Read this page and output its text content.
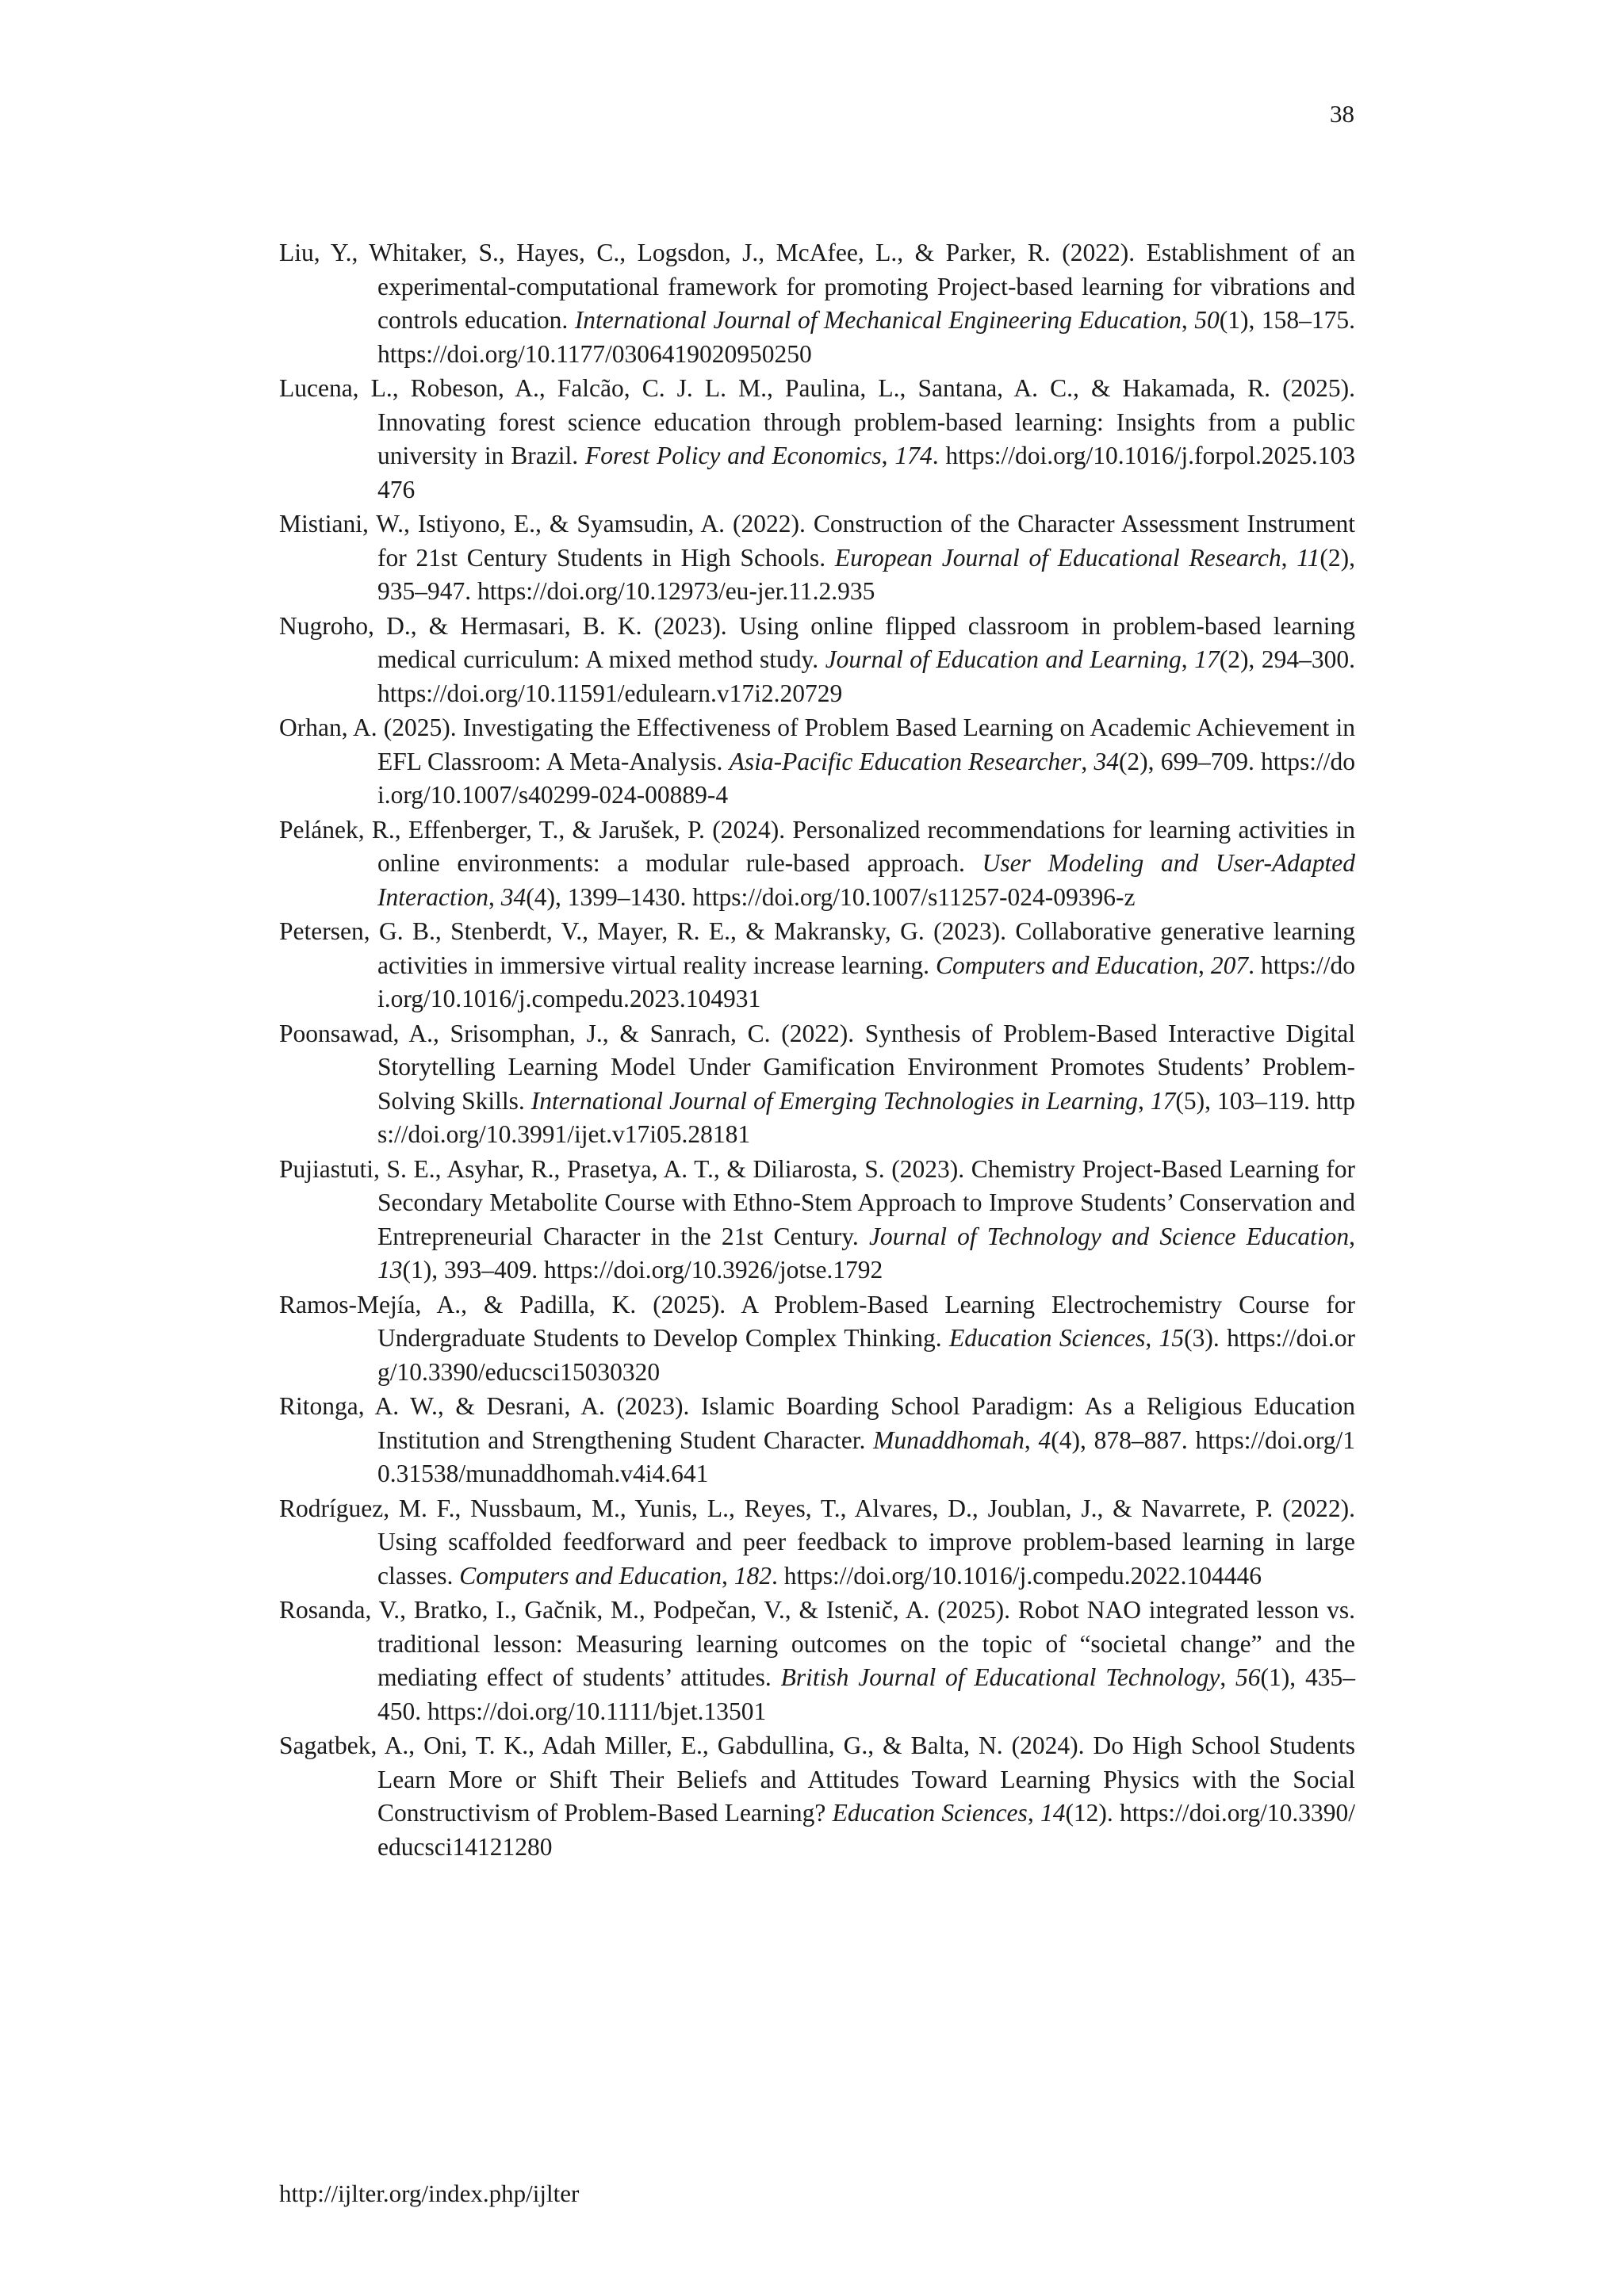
38

Liu, Y., Whitaker, S., Hayes, C., Logsdon, J., McAfee, L., & Parker, R. (2022). Establishment of an experimental-computational framework for promoting Project-based learning for vibrations and controls education. International Journal of Mechanical Engineering Education, 50(1), 158–175. https://doi.org/10.1177/0306419020950250

Lucena, L., Robeson, A., Falcão, C. J. L. M., Paulina, L., Santana, A. C., & Hakamada, R. (2025). Innovating forest science education through problem-based learning: Insights from a public university in Brazil. Forest Policy and Economics, 174. https://doi.org/10.1016/j.forpol.2025.103476

Mistiani, W., Istiyono, E., & Syamsudin, A. (2022). Construction of the Character Assessment Instrument for 21st Century Students in High Schools. European Journal of Educational Research, 11(2), 935–947. https://doi.org/10.12973/eu-jer.11.2.935

Nugroho, D., & Hermasari, B. K. (2023). Using online flipped classroom in problem-based learning medical curriculum: A mixed method study. Journal of Education and Learning, 17(2), 294–300. https://doi.org/10.11591/edulearn.v17i2.20729

Orhan, A. (2025). Investigating the Effectiveness of Problem Based Learning on Academic Achievement in EFL Classroom: A Meta-Analysis. Asia-Pacific Education Researcher, 34(2), 699–709. https://doi.org/10.1007/s40299-024-00889-4

Pelánek, R., Effenberger, T., & Jarušek, P. (2024). Personalized recommendations for learning activities in online environments: a modular rule-based approach. User Modeling and User-Adapted Interaction, 34(4), 1399–1430. https://doi.org/10.1007/s11257-024-09396-z

Petersen, G. B., Stenberdt, V., Mayer, R. E., & Makransky, G. (2023). Collaborative generative learning activities in immersive virtual reality increase learning. Computers and Education, 207. https://doi.org/10.1016/j.compedu.2023.104931

Poonsawad, A., Srisomphan, J., & Sanrach, C. (2022). Synthesis of Problem-Based Interactive Digital Storytelling Learning Model Under Gamification Environment Promotes Students’ Problem-Solving Skills. International Journal of Emerging Technologies in Learning, 17(5), 103–119. https://doi.org/10.3991/ijet.v17i05.28181

Pujiastuti, S. E., Asyhar, R., Prasetya, A. T., & Diliarosta, S. (2023). Chemistry Project-Based Learning for Secondary Metabolite Course with Ethno-Stem Approach to Improve Students’ Conservation and Entrepreneurial Character in the 21st Century. Journal of Technology and Science Education, 13(1), 393–409. https://doi.org/10.3926/jotse.1792

Ramos-Mejía, A., & Padilla, K. (2025). A Problem-Based Learning Electrochemistry Course for Undergraduate Students to Develop Complex Thinking. Education Sciences, 15(3). https://doi.org/10.3390/educsci15030320

Ritonga, A. W., & Desrani, A. (2023). Islamic Boarding School Paradigm: As a Religious Education Institution and Strengthening Student Character. Munaddhomah, 4(4), 878–887. https://doi.org/10.31538/munaddhomah.v4i4.641

Rodríguez, M. F., Nussbaum, M., Yunis, L., Reyes, T., Alvares, D., Joublan, J., & Navarrete, P. (2022). Using scaffolded feedforward and peer feedback to improve problem-based learning in large classes. Computers and Education, 182. https://doi.org/10.1016/j.compedu.2022.104446

Rosanda, V., Bratko, I., Gačnik, M., Podpečan, V., & Istenič, A. (2025). Robot NAO integrated lesson vs. traditional lesson: Measuring learning outcomes on the topic of “societal change” and the mediating effect of students’ attitudes. British Journal of Educational Technology, 56(1), 435–450. https://doi.org/10.1111/bjet.13501

Sagatbek, A., Oni, T. K., Adah Miller, E., Gabdullina, G., & Balta, N. (2024). Do High School Students Learn More or Shift Their Beliefs and Attitudes Toward Learning Physics with the Social Constructivism of Problem-Based Learning? Education Sciences, 14(12). https://doi.org/10.3390/educsci14121280

http://ijlter.org/index.php/ijlter
